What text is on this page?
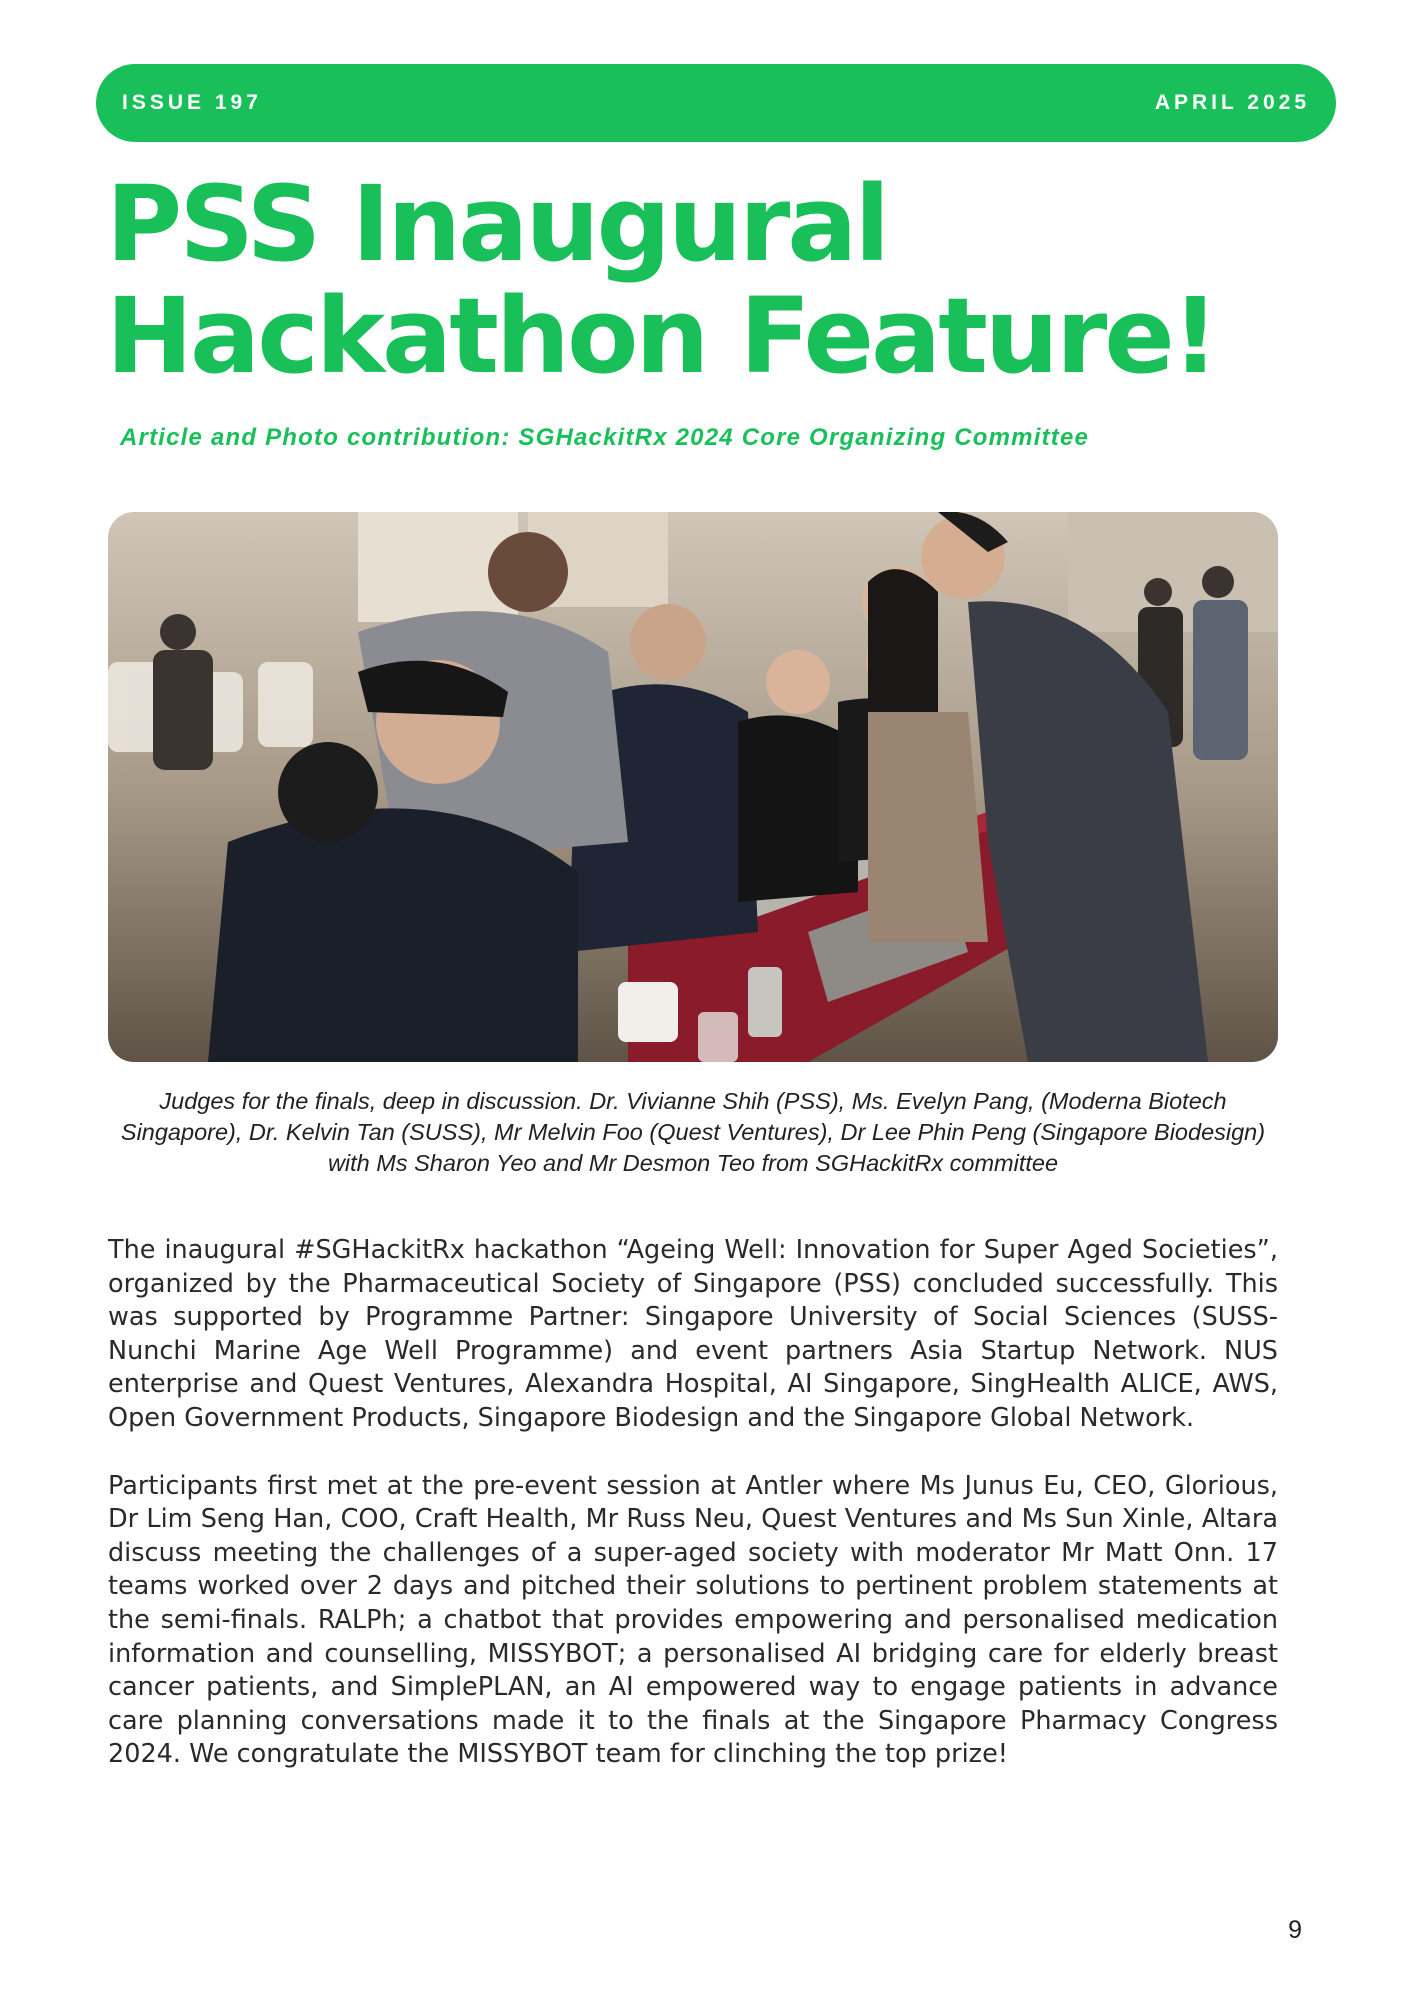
ISSUE 197	APRIL 2025
PSS Inaugural
Hackathon Feature!
Article and Photo contribution: SGHackitRx 2024 Core Organizing Committee
Judges for the finals, deep in discussion. Dr. Vivianne Shih (PSS), Ms. Evelyn Pang, (Moderna Biotech Singapore), Dr. Kelvin Tan (SUSS), Mr Melvin Foo (Quest Ventures), Dr Lee Phin Peng (Singapore Biodesign) with Ms Sharon Yeo and Mr Desmon Teo from SGHackitRx committee

The inaugural #SGHackitRx hackathon “Ageing Well: Innovation for Super Aged Societies”, organized by the Pharmaceutical Society of Singapore (PSS) concluded successfully. This was supported by Programme Partner: Singapore University of Social Sciences (SUSS-Nunchi Marine Age Well Programme) and event partners Asia Startup Network. NUS enterprise and Quest Ventures, Alexandra Hospital, AI Singapore, SingHealth ALICE, AWS, Open Government Products, Singapore Biodesign and the Singapore Global Network.

Participants first met at the pre-event session at Antler where Ms Junus Eu, CEO, Glorious, Dr Lim Seng Han, COO, Craft Health, Mr Russ Neu, Quest Ventures and Ms Sun Xinle, Altara discuss meeting the challenges of a super-aged society with moderator Mr Matt Onn. 17 teams worked over 2 days and pitched their solutions to pertinent problem statements at the semi-finals. RALPh; a chatbot that provides empowering and personalised medication information and counselling, MISSYBOT; a personalised AI bridging care for elderly breast cancer patients, and SimplePLAN, an AI empowered way to engage patients in advance care planning conversations made it to the finals at the Singapore Pharmacy Congress 2024. We congratulate the MISSYBOT team for clinching the top prize!

9
